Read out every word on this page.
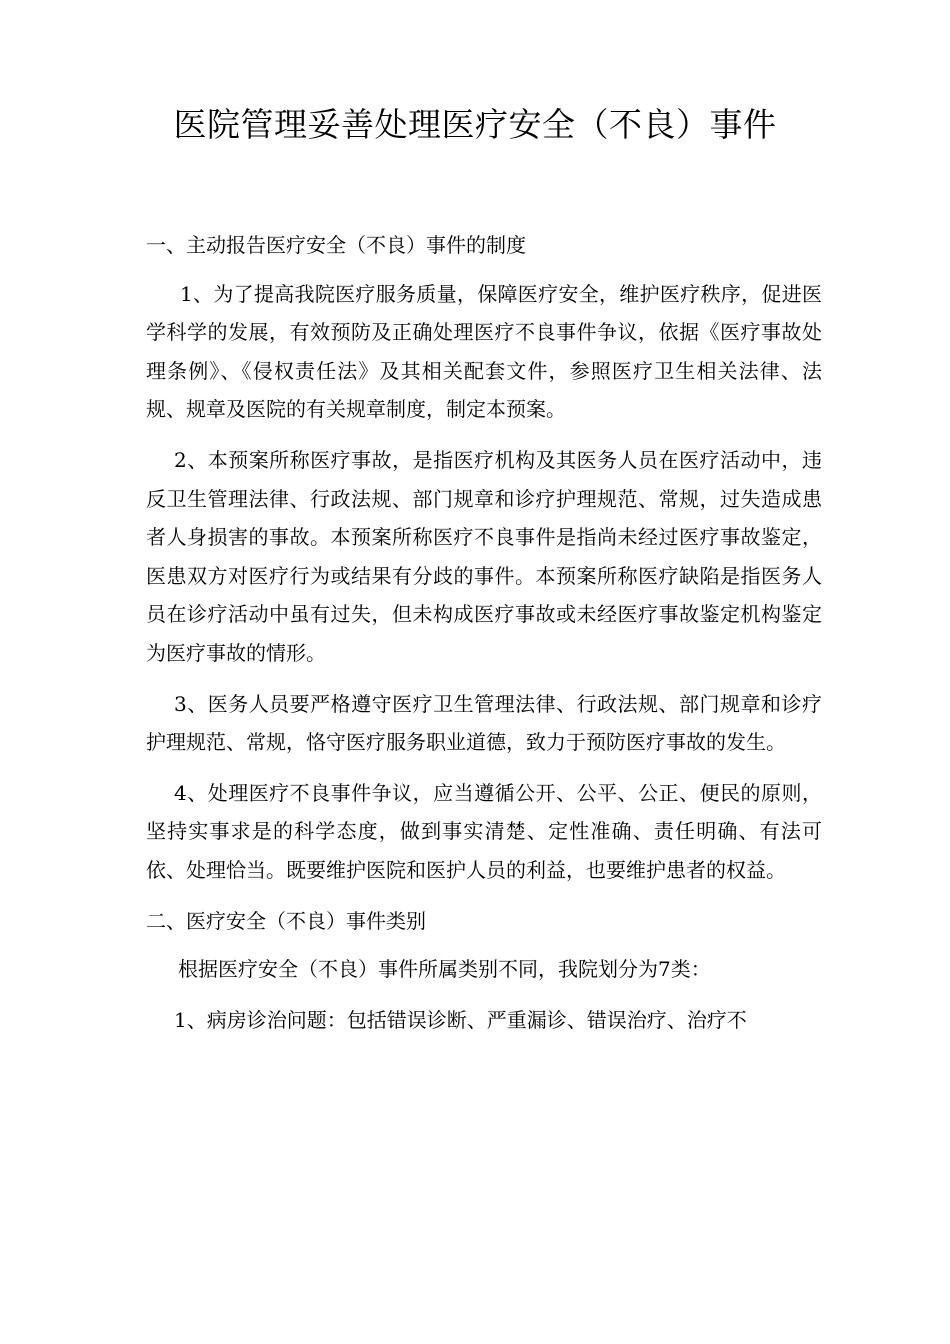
医院管理妥善处理医疗安全（不良）事件

一、主动报告医疗安全（不良）事件的制度

1、为了提高我院医疗服务质量，保障医疗安全，维护医疗秩序，促进医学科学的发展，有效预防及正确处理医疗不良事件争议，依据《医疗事故处理条例》、《侵权责任法》及其相关配套文件，参照医疗卫生相关法律、法规、规章及医院的有关规章制度，制定本预案。

2、本预案所称医疗事故，是指医疗机构及其医务人员在医疗活动中，违反卫生管理法律、行政法规、部门规章和诊疗护理规范、常规，过失造成患者人身损害的事故。本预案所称医疗不良事件是指尚未经过医疗事故鉴定，医患双方对医疗行为或结果有分歧的事件。本预案所称医疗缺陷是指医务人员在诊疗活动中虽有过失，但未构成医疗事故或未经医疗事故鉴定机构鉴定为医疗事故的情形。

3、医务人员要严格遵守医疗卫生管理法律、行政法规、部门规章和诊疗护理规范、常规，恪守医疗服务职业道德，致力于预防医疗事故的发生。

4、处理医疗不良事件争议，应当遵循公开、公平、公正、便民的原则，坚持实事求是的科学态度，做到事实清楚、定性准确、责任明确、有法可依、处理恰当。既要维护医院和医护人员的利益，也要维护患者的权益。

二、医疗安全（不良）事件类别

根据医疗安全（不良）事件所属类别不同，我院划分为7类：

1、病房诊治问题：包括错误诊断、严重漏诊、错误治疗、治疗不
